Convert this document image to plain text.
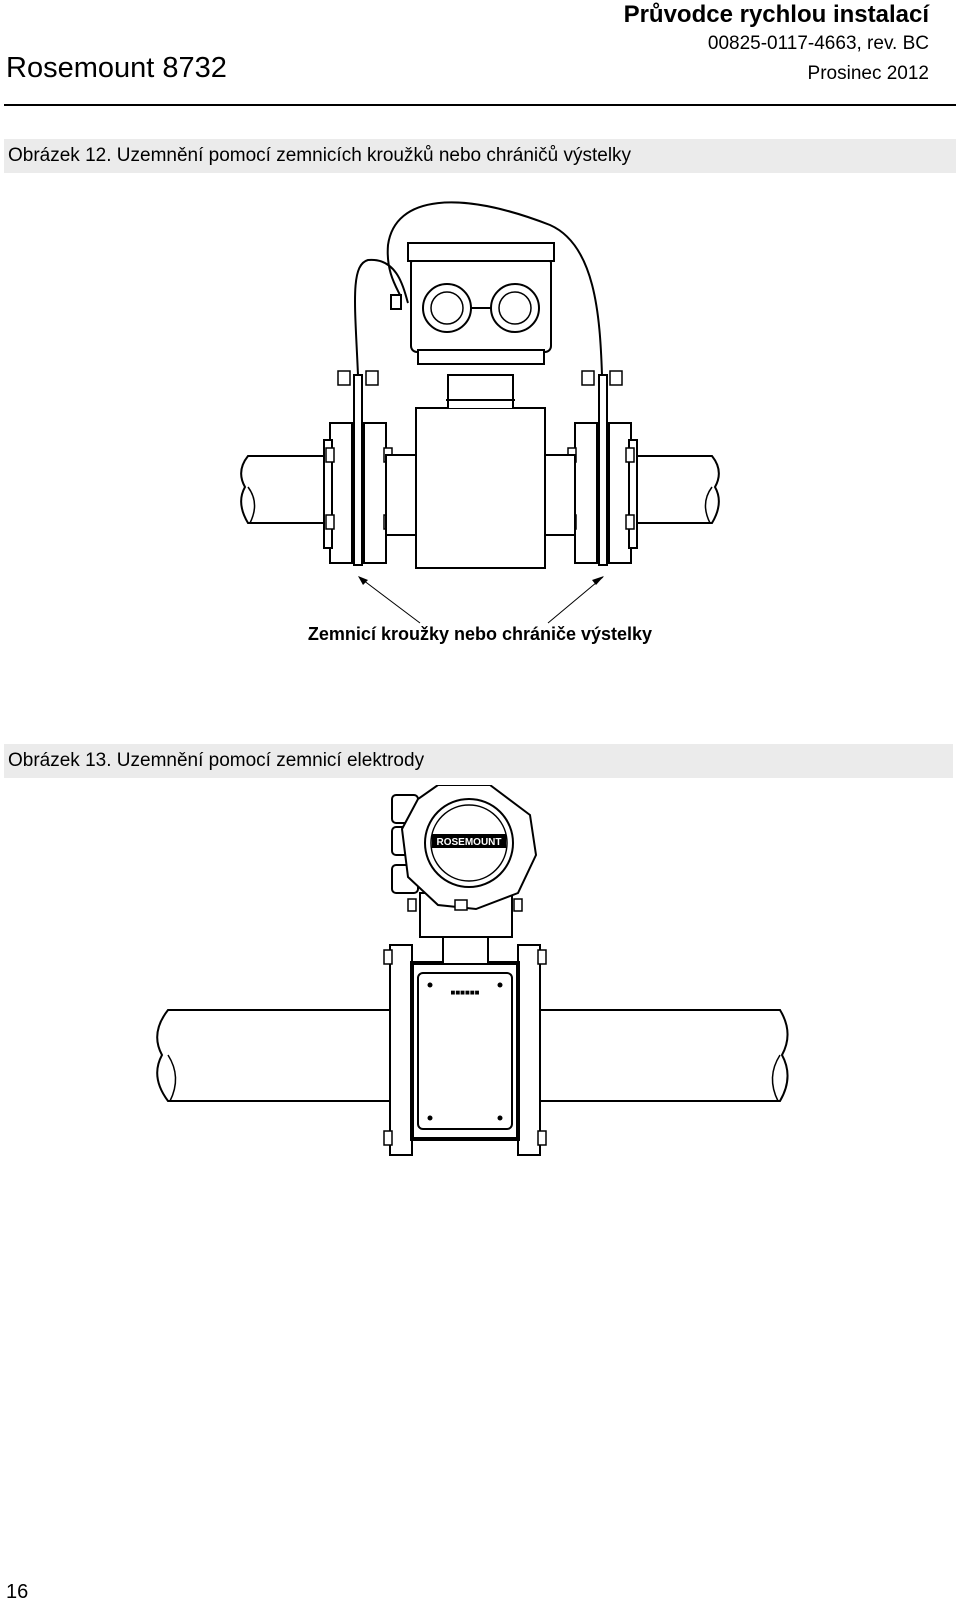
Rosemount 8732
Průvodce rychlou instalací
00825-0117-4663, rev. BC
Prosinec 2012
Obrázek 12. Uzemnění pomocí zemnicích kroužků nebo chráničů výstelky
Zemnicí kroužky nebo chrániče výstelky
Obrázek 13. Uzemnění pomocí zemnicí elektrody
■■■■■■
ROSEMOUNT
16
